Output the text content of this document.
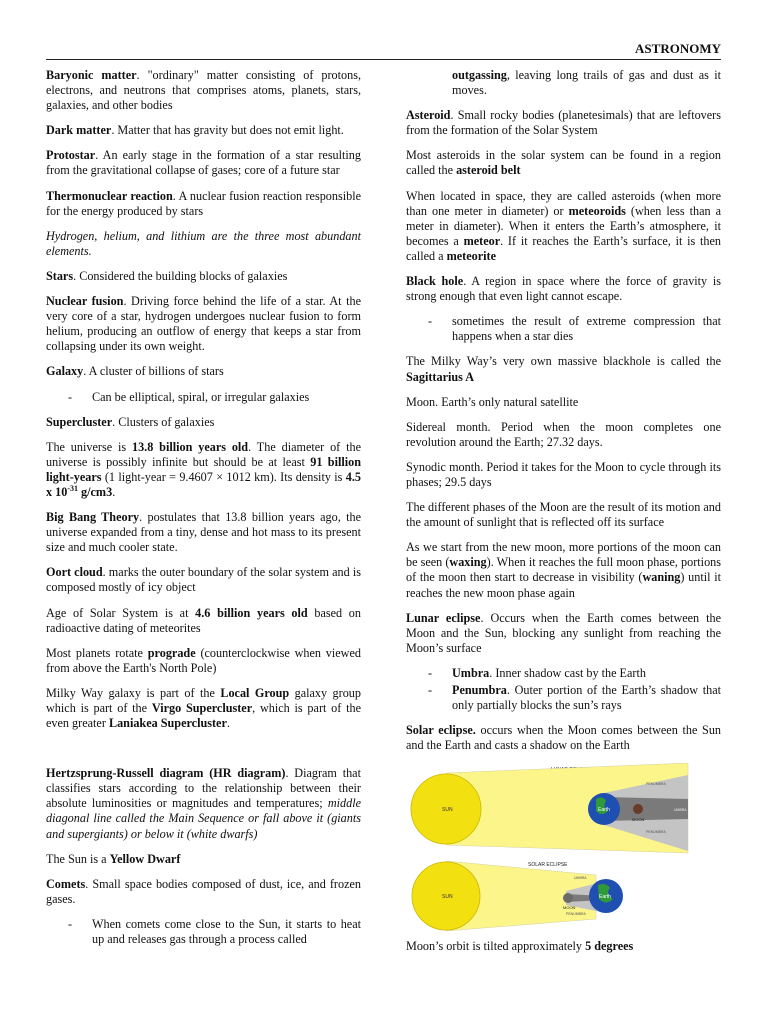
ASTRONOMY

Baryonic matter. "ordinary" matter consisting of protons, electrons, and neutrons that comprises atoms, planets, stars, galaxies, and other bodies

Dark matter. Matter that has gravity but does not emit light.

Protostar. An early stage in the formation of a star resulting from the gravitational collapse of gases; core of a future star

Thermonuclear reaction. A nuclear fusion reaction responsible for the energy produced by stars

Hydrogen, helium, and lithium are the three most abundant elements.

Stars. Considered the building blocks of galaxies

Nuclear fusion. Driving force behind the life of a star. At the very core of a star, hydrogen undergoes nuclear fusion to form helium, producing an outflow of energy that keeps a star from collapsing under its own weight.

Galaxy. A cluster of billions of stars

- Can be elliptical, spiral, or irregular galaxies

Supercluster. Clusters of galaxies

The universe is 13.8 billion years old. The diameter of the universe is possibly infinite but should be at least 91 billion light-years (1 light-year = 9.4607 × 1012 km). Its density is 4.5 x $10^{-31}$ g/cm3.

Big Bang Theory. postulates that 13.8 billion years ago, the universe expanded from a tiny, dense and hot mass to its present size and much cooler state.

Oort cloud. marks the outer boundary of the solar system and is composed mostly of icy object

Age of Solar System is at 4.6 billion years old based on radioactive dating of meteorites

Most planets rotate prograde (counterclockwise when viewed from above the Earth's North Pole)

Milky Way galaxy is part of the Local Group galaxy group which is part of the Virgo Supercluster, which is part of the even greater Laniakea Supercluster.

Hertzsprung-Russell diagram (HR diagram). Diagram that classifies stars according to the relationship between their absolute luminosities or magnitudes and temperatures; middle diagonal line called the Main Sequence or fall above it (giants and supergiants) or below it (white dwarfs)

The Sun is a Yellow Dwarf

Comets. Small space bodies composed of dust, ice, and frozen gases.

- When comets come close to the Sun, it starts to heat up and releases gas through a process called

outgassing, leaving long trails of gas and dust as it moves.

Asteroid. Small rocky bodies (planetesimals) that are leftovers from the formation of the Solar System

Most asteroids in the solar system can be found in a region called the asteroid belt

When located in space, they are called asteroids (when more than one meter in diameter) or meteoroids (when less than a meter in diameter). When it enters the Earth’s atmosphere, it becomes a meteor. If it reaches the Earth’s surface, it is then called a meteorite

Black hole. A region in space where the force of gravity is strong enough that even light cannot escape.

- sometimes the result of extreme compression that happens when a star dies

The Milky Way’s very own massive blackhole is called the Sagittarius A

Moon. Earth’s only natural satellite

Sidereal month. Period when the moon completes one revolution around the Earth; 27.32 days.

Synodic month. Period it takes for the Moon to cycle through its phases; 29.5 days

The different phases of the Moon are the result of its motion and the amount of sunlight that is reflected off its surface

As we start from the new moon, more portions of the moon can be seen (waxing). When it reaches the full moon phase, portions of the moon then start to decrease in visibility (waning) until it reaches the new moon phase again

Lunar eclipse. Occurs when the Earth comes between the Moon and the Sun, blocking any sunlight from reaching the Moon’s surface

- Umbra. Inner shadow cast by the Earth
- Penumbra. Outer portion of the Earth’s shadow that only partially blocks the sun’s rays

Solar eclipse. occurs when the Moon comes between the Sun and the Earth and casts a shadow on the Earth

SUN	Earth
MOON
UMBRA
PENUMBRA
PENUMBRA
SOLAR ECLIPSE
SUN
MOON
UMBRA
PENUMBRA
Earth

Moon’s orbit is tilted approximately 5 degrees
